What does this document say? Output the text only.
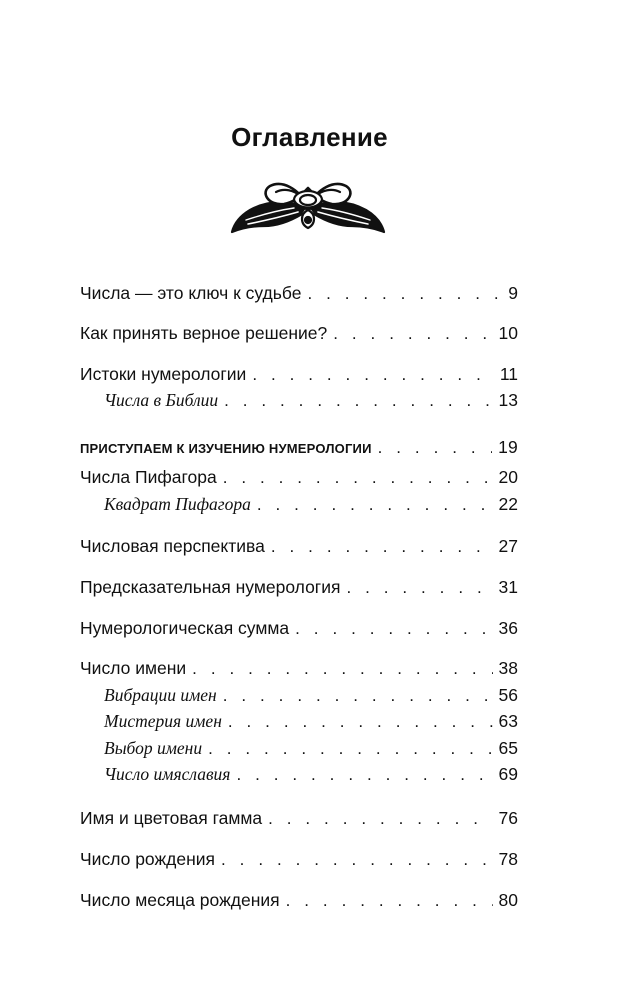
Оглавление
Числа — это ключ к судьбе . . .	9
Как принять верное решение? . . .	10
Истоки нумерологии . . .	11
Числа в Библии . . .	13
ПРИСТУПАЕМ К ИЗУЧЕНИЮ НУМЕРОЛОГИИ . . .	19
Числа Пифагора . . .	20
Квадрат Пифагора . . .	22
Числовая перспектива . . .	27
Предсказательная нумерология . . .	31
Нумерологическая сумма . . .	36
Число имени . . .	38
Вибрации имен . . .	56
Мистерия имен . . .	63
Выбор имени . . .	65
Число имяславия . . .	69
Имя и цветовая гамма . . .	76
Число рождения . . .	78
Число месяца рождения . . .	80
